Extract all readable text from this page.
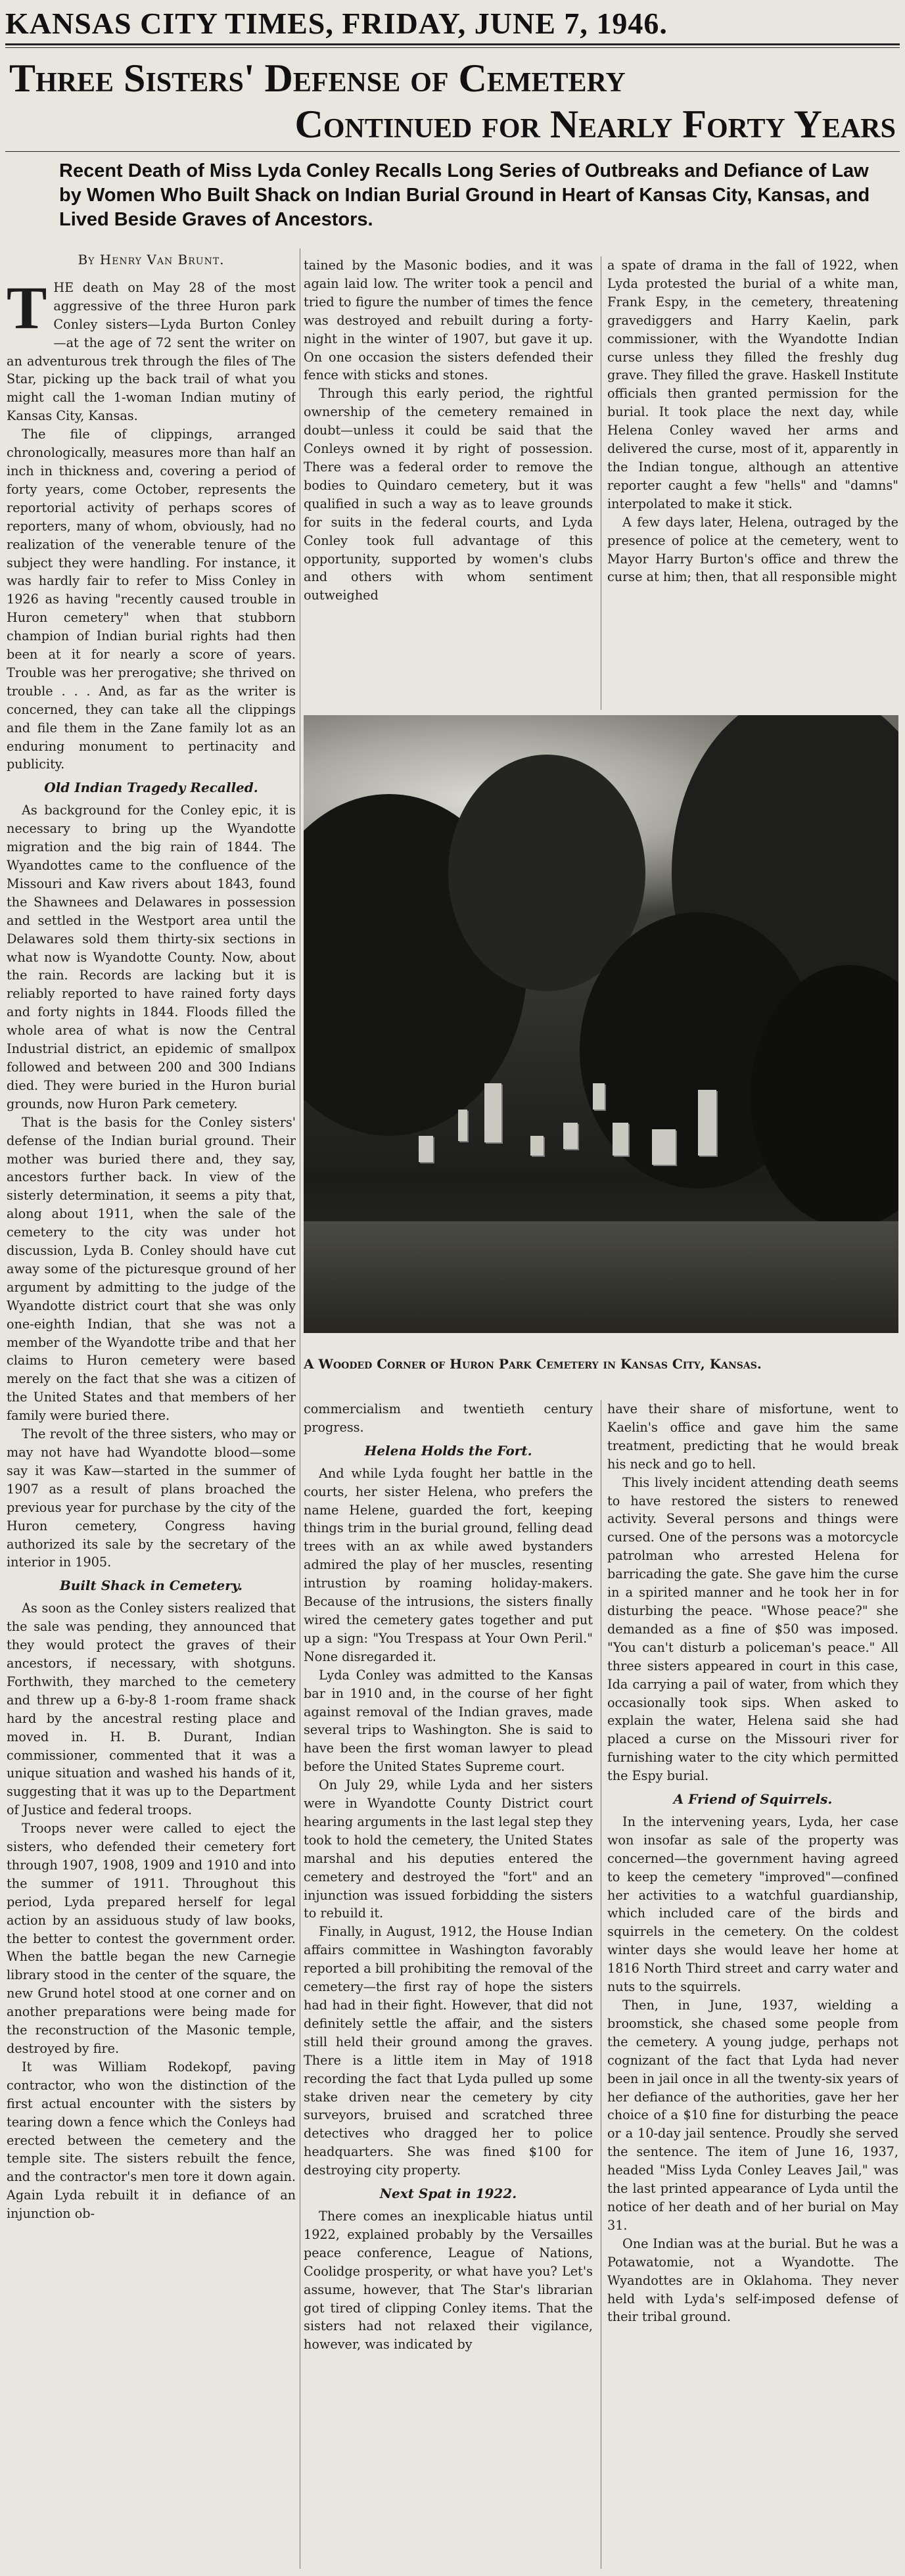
KANSAS CITY TIMES, FRIDAY, JUNE 7, 1946.
Three Sisters' Defense of Cemetery
Continued for Nearly Forty Years
Recent Death of Miss Lyda Conley Recalls Long Series of Outbreaks and Defiance of Law by Women Who Built Shack on Indian Burial Ground in Heart of Kansas City, Kansas, and Lived Beside Graves of Ancestors.
By Henry Van Brunt.

THE death on May 28 of the most aggressive of the three Huron park Conley sisters—Lyda Burton Conley—at the age of 72 sent the writer on an adventurous trek through the files of The Star, picking up the back trail of what you might call the 1-woman Indian mutiny of Kansas City, Kansas.

The file of clippings, arranged chronologically, measures more than half an inch in thickness and, covering a period of forty years, come October, represents the reportorial activity of perhaps scores of reporters, many of whom, obviously, had no realization of the venerable tenure of the subject they were handling. For instance, it was hardly fair to refer to Miss Conley in 1926 as having "recently caused trouble in Huron cemetery" when that stubborn champion of Indian burial rights had then been at it for nearly a score of years. Trouble was her prerogative; she thrived on trouble . . . And, as far as the writer is concerned, they can take all the clippings and file them in the Zane family lot as an enduring monument to pertinacity and publicity.

Old Indian Tragedy Recalled.

As background for the Conley epic, it is necessary to bring up the Wyandotte migration and the big rain of 1844. The Wyandottes came to the confluence of the Missouri and Kaw rivers about 1843, found the Shawnees and Delawares in possession and settled in the Westport area until the Delawares sold them thirty-six sections in what now is Wyandotte County. Now, about the rain. Records are lacking but it is reliably reported to have rained forty days and forty nights in 1844. Floods filled the whole area of what is now the Central Industrial district, an epidemic of smallpox followed and between 200 and 300 Indians died. They were buried in the Huron burial grounds, now Huron Park cemetery.

That is the basis for the Conley sisters' defense of the Indian burial ground. Their mother was buried there and, they say, ancestors further back. In view of the sisterly determination, it seems a pity that, along about 1911, when the sale of the cemetery to the city was under hot discussion, Lyda B. Conley should have cut away some of the picturesque ground of her argument by admitting to the judge of the Wyandotte district court that she was only one-eighth Indian, that she was not a member of the Wyandotte tribe and that her claims to Huron cemetery were based merely on the fact that she was a citizen of the United States and that members of her family were buried there.

The revolt of the three sisters, who may or may not have had Wyandotte blood—some say it was Kaw—started in the summer of 1907 as a result of plans broached the previous year for purchase by the city of the Huron cemetery, Congress having authorized its sale by the secretary of the interior in 1905.

Built Shack in Cemetery.

As soon as the Conley sisters realized that the sale was pending, they announced that they would protect the graves of their ancestors, if necessary, with shotguns. Forthwith, they marched to the cemetery and threw up a 6-by-8 1-room frame shack hard by the ancestral resting place and moved in. H. B. Durant, Indian commissioner, commented that it was a unique situation and washed his hands of it, suggesting that it was up to the Department of Justice and federal troops.

Troops never were called to eject the sisters, who defended their cemetery fort through 1907, 1908, 1909 and 1910 and into the summer of 1911. Throughout this period, Lyda prepared herself for legal action by an assiduous study of law books, the better to contest the government order. When the battle began the new Carnegie library stood in the center of the square, the new Grund hotel stood at one corner and on another preparations were being made for the reconstruction of the Masonic temple, destroyed by fire.

It was William Rodekopf, paving contractor, who won the distinction of the first actual encounter with the sisters by tearing down a fence which the Conleys had erected between the cemetery and the temple site. The sisters rebuilt the fence, and the contractor's men tore it down again. Again Lyda rebuilt it in defiance of an injunction ob-

tained by the Masonic bodies, and it was again laid low. The writer took a pencil and tried to figure the number of times the fence was destroyed and rebuilt during a forty-night in the winter of 1907, but gave it up. On one occasion the sisters defended their fence with sticks and stones.

Through this early period, the rightful ownership of the cemetery remained in doubt—unless it could be said that the Conleys owned it by right of possession. There was a federal order to remove the bodies to Quindaro cemetery, but it was qualified in such a way as to leave grounds for suits in the federal courts, and Lyda Conley took full advantage of this opportunity, supported by women's clubs and others with whom sentiment outweighed

a spate of drama in the fall of 1922, when Lyda protested the burial of a white man, Frank Espy, in the cemetery, threatening gravediggers and Harry Kaelin, park commissioner, with the Wyandotte Indian curse unless they filled the freshly dug grave. They filled the grave. Haskell Institute officials then granted permission for the burial. It took place the next day, while Helena Conley waved her arms and delivered the curse, most of it, apparently in the Indian tongue, although an attentive reporter caught a few "hells" and "damns" interpolated to make it stick.

A few days later, Helena, outraged by the presence of police at the cemetery, went to Mayor Harry Burton's office and threw the curse at him; then, that all responsible might

A Wooded Corner of Huron Park Cemetery in Kansas City, Kansas.

commercialism and twentieth century progress.

Helena Holds the Fort.

And while Lyda fought her battle in the courts, her sister Helena, who prefers the name Helene, guarded the fort, keeping things trim in the burial ground, felling dead trees with an ax while awed bystanders admired the play of her muscles, resenting intrustion by roaming holiday-makers. Because of the intrusions, the sisters finally wired the cemetery gates together and put up a sign: "You Trespass at Your Own Peril." None disregarded it.

Lyda Conley was admitted to the Kansas bar in 1910 and, in the course of her fight against removal of the Indian graves, made several trips to Washington. She is said to have been the first woman lawyer to plead before the United States Supreme court.

On July 29, while Lyda and her sisters were in Wyandotte County District court hearing arguments in the last legal step they took to hold the cemetery, the United States marshal and his deputies entered the cemetery and destroyed the "fort" and an injunction was issued forbidding the sisters to rebuild it.

Finally, in August, 1912, the House Indian affairs committee in Washington favorably reported a bill prohibiting the removal of the cemetery—the first ray of hope the sisters had had in their fight. However, that did not definitely settle the affair, and the sisters still held their ground among the graves. There is a little item in May of 1918 recording the fact that Lyda pulled up some stake driven near the cemetery by city surveyors, bruised and scratched three detectives who dragged her to police headquarters. She was fined $100 for destroying city property.

Next Spat in 1922.

There comes an inexplicable hiatus until 1922, explained probably by the Versailles peace conference, League of Nations, Coolidge prosperity, or what have you? Let's assume, however, that The Star's librarian got tired of clipping Conley items. That the sisters had not relaxed their vigilance, however, was indicated by

have their share of misfortune, went to Kaelin's office and gave him the same treatment, predicting that he would break his neck and go to hell.

This lively incident attending death seems to have restored the sisters to renewed activity. Several persons and things were cursed. One of the persons was a motorcycle patrolman who arrested Helena for barricading the gate. She gave him the curse in a spirited manner and he took her in for disturbing the peace. "Whose peace?" she demanded as a fine of $50 was imposed. "You can't disturb a policeman's peace." All three sisters appeared in court in this case, Ida carrying a pail of water, from which they occasionally took sips. When asked to explain the water, Helena said she had placed a curse on the Missouri river for furnishing water to the city which permitted the Espy burial.

A Friend of Squirrels.

In the intervening years, Lyda, her case won insofar as sale of the property was concerned—the government having agreed to keep the cemetery "improved"—confined her activities to a watchful guardianship, which included care of the birds and squirrels in the cemetery. On the coldest winter days she would leave her home at 1816 North Third street and carry water and nuts to the squirrels.

Then, in June, 1937, wielding a broomstick, she chased some people from the cemetery. A young judge, perhaps not cognizant of the fact that Lyda had never been in jail once in all the twenty-six years of her defiance of the authorities, gave her her choice of a $10 fine for disturbing the peace or a 10-day jail sentence. Proudly she served the sentence. The item of June 16, 1937, headed "Miss Lyda Conley Leaves Jail," was the last printed appearance of Lyda until the notice of her death and of her burial on May 31.

One Indian was at the burial. But he was a Potawatomie, not a Wyandotte. The Wyandottes are in Oklahoma. They never held with Lyda's self-imposed defense of their tribal ground.
